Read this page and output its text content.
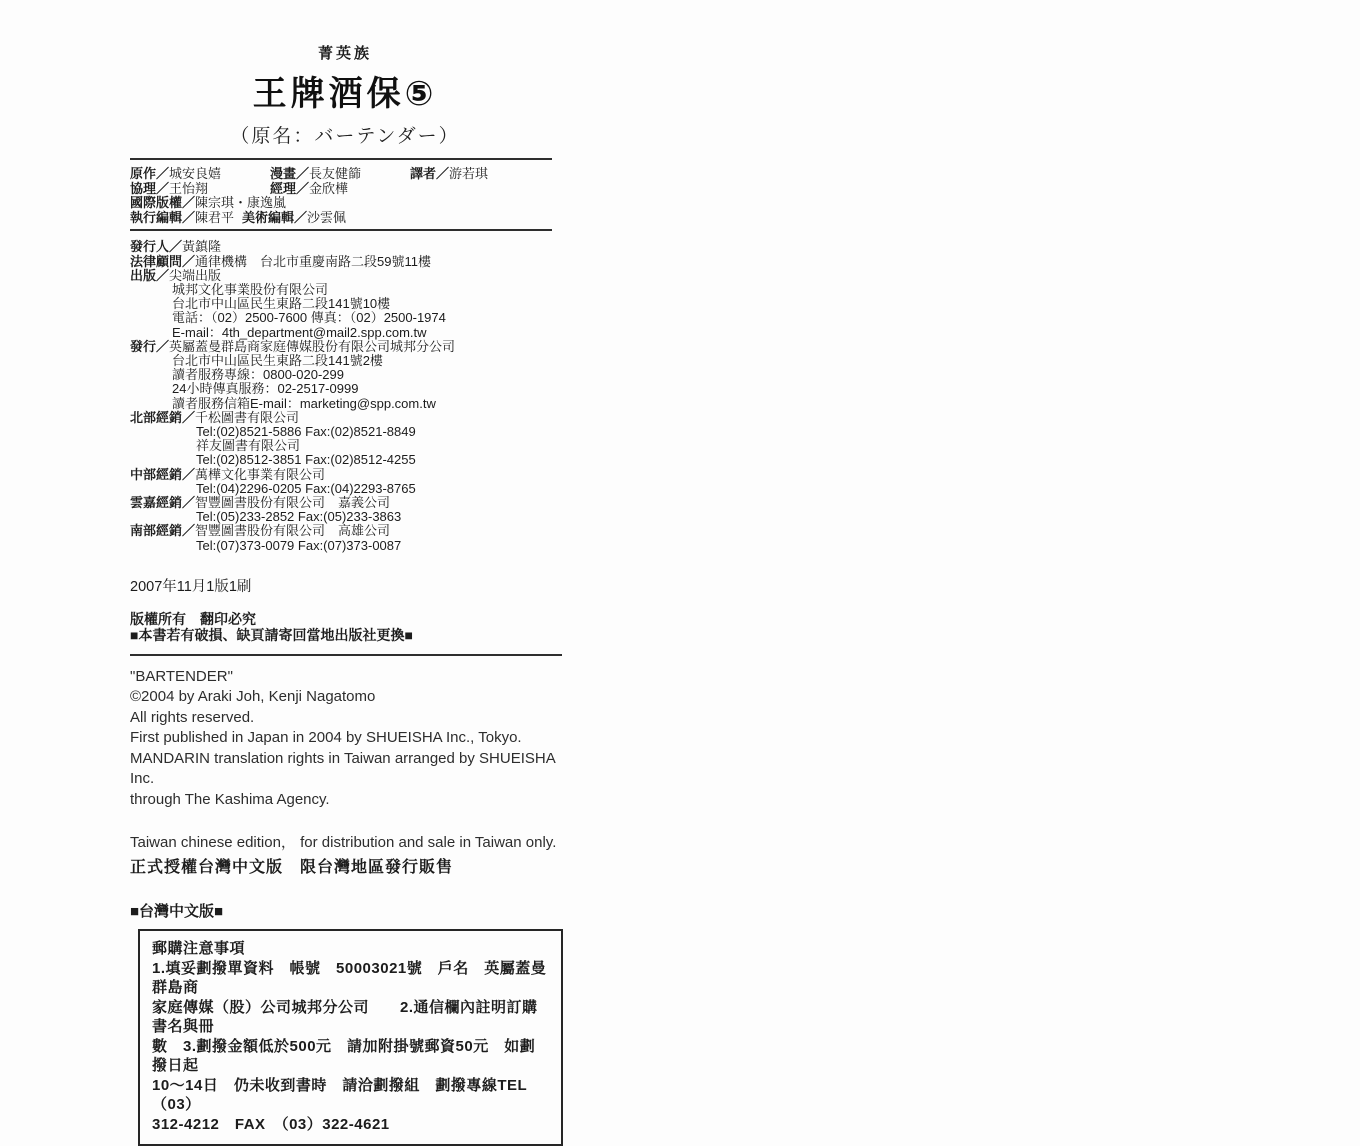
菁英族
王牌酒保⑤
（原名：バーテンダー）
原作／城安良嬉	漫畫／長友健篩	譯者／游若琪
協理／王怡翔	經理／金欣樺
國際版權／陳宗琪・康逸嵐
執行編輯／陳君平 美術編輯／沙雲佩
發行人／黃鎮隆
法律顧問／通律機構　台北市重慶南路二段59號11樓
出版／尖端出版
城邦文化事業股份有限公司
台北市中山區民生東路二段141號10樓
電話：（02）2500-7600 傳真：（02）2500-1974
E-mail：4th_department@mail2.spp.com.tw
發行／英屬蓋曼群島商家庭傳媒股份有限公司城邦分公司
台北市中山區民生東路二段141號2樓
讀者服務專線：0800-020-299
24小時傳真服務：02-2517-0999
讀者服務信箱E-mail：marketing@spp.com.tw
北部經銷／千松圖書有限公司
Tel:(02)8521-5886 Fax:(02)8521-8849
祥友圖書有限公司
Tel:(02)8512-3851 Fax:(02)8512-4255
中部經銷／萬樺文化事業有限公司
Tel:(04)2296-0205 Fax:(04)2293-8765
雲嘉經銷／智豐圖書股份有限公司　嘉義公司
Tel:(05)233-2852 Fax:(05)233-3863
南部經銷／智豐圖書股份有限公司　高雄公司
Tel:(07)373-0079 Fax:(07)373-0087
2007年11月1版1刷
版權所有　翻印必究
■本書若有破損、缺頁請寄回當地出版社更換■
"BARTENDER"
©2004 by Araki Joh, Kenji Nagatomo
All rights reserved.
First published in Japan in 2004 by SHUEISHA Inc., Tokyo.
MANDARIN translation rights in Taiwan arranged by SHUEISHA Inc.
through The Kashima Agency.
Taiwan chinese edition， for distribution and sale in Taiwan only.
正式授權台灣中文版　限台灣地區發行販售
■台灣中文版■
郵購注意事項
1.填妥劃撥單資料　帳號　50003021號　戶名　英屬蓋曼群島商
家庭傳媒（股）公司城邦分公司　　2.通信欄內註明訂購書名與冊
數　3.劃撥金額低於500元　請加附掛號郵資50元　如劃撥日起
10～14日　仍未收到書時　請洽劃撥組　劃撥專線TEL　（03）
312-4212　FAX　（03）322-4621
